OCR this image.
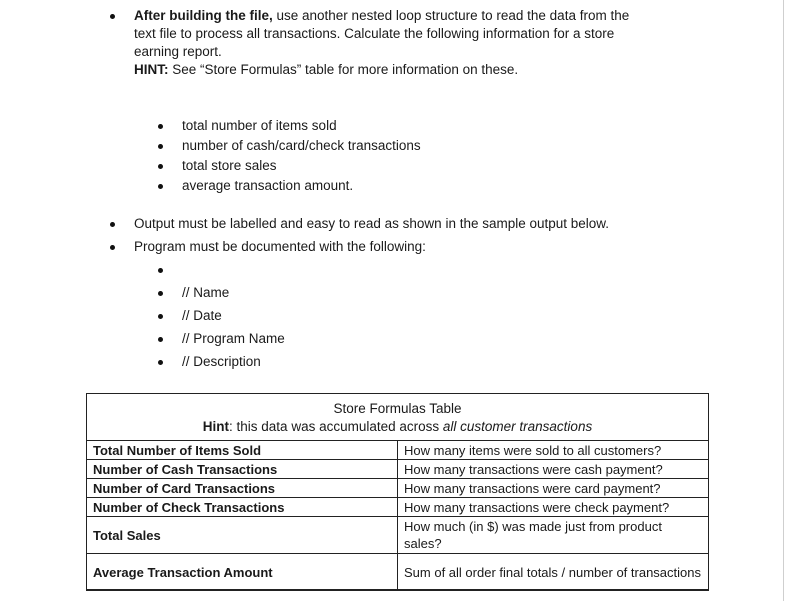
After building the file, use another nested loop structure to read the data from the
text file to process all transactions. Calculate the following information for a store
earning report.
HINT: See “Store Formulas” table for more information on these.
total number of items sold
number of cash/card/check transactions
total store sales
average transaction amount.
Output must be labelled and easy to read as shown in the sample output below.
Program must be documented with the following:
// Name
// Date
// Program Name
// Description
Store Formulas Table
Hint: this data was accumulated across all customer transactions
Total Number of Items Sold	How many items were sold to all customers?
Number of Cash Transactions	How many transactions were cash payment?
Number of Card Transactions	How many transactions were card payment?
Number of Check Transactions	How many transactions were check payment?
Total Sales	How much (in $) was made just from product sales?
Average Transaction Amount	Sum of all order final totals / number of transactions
